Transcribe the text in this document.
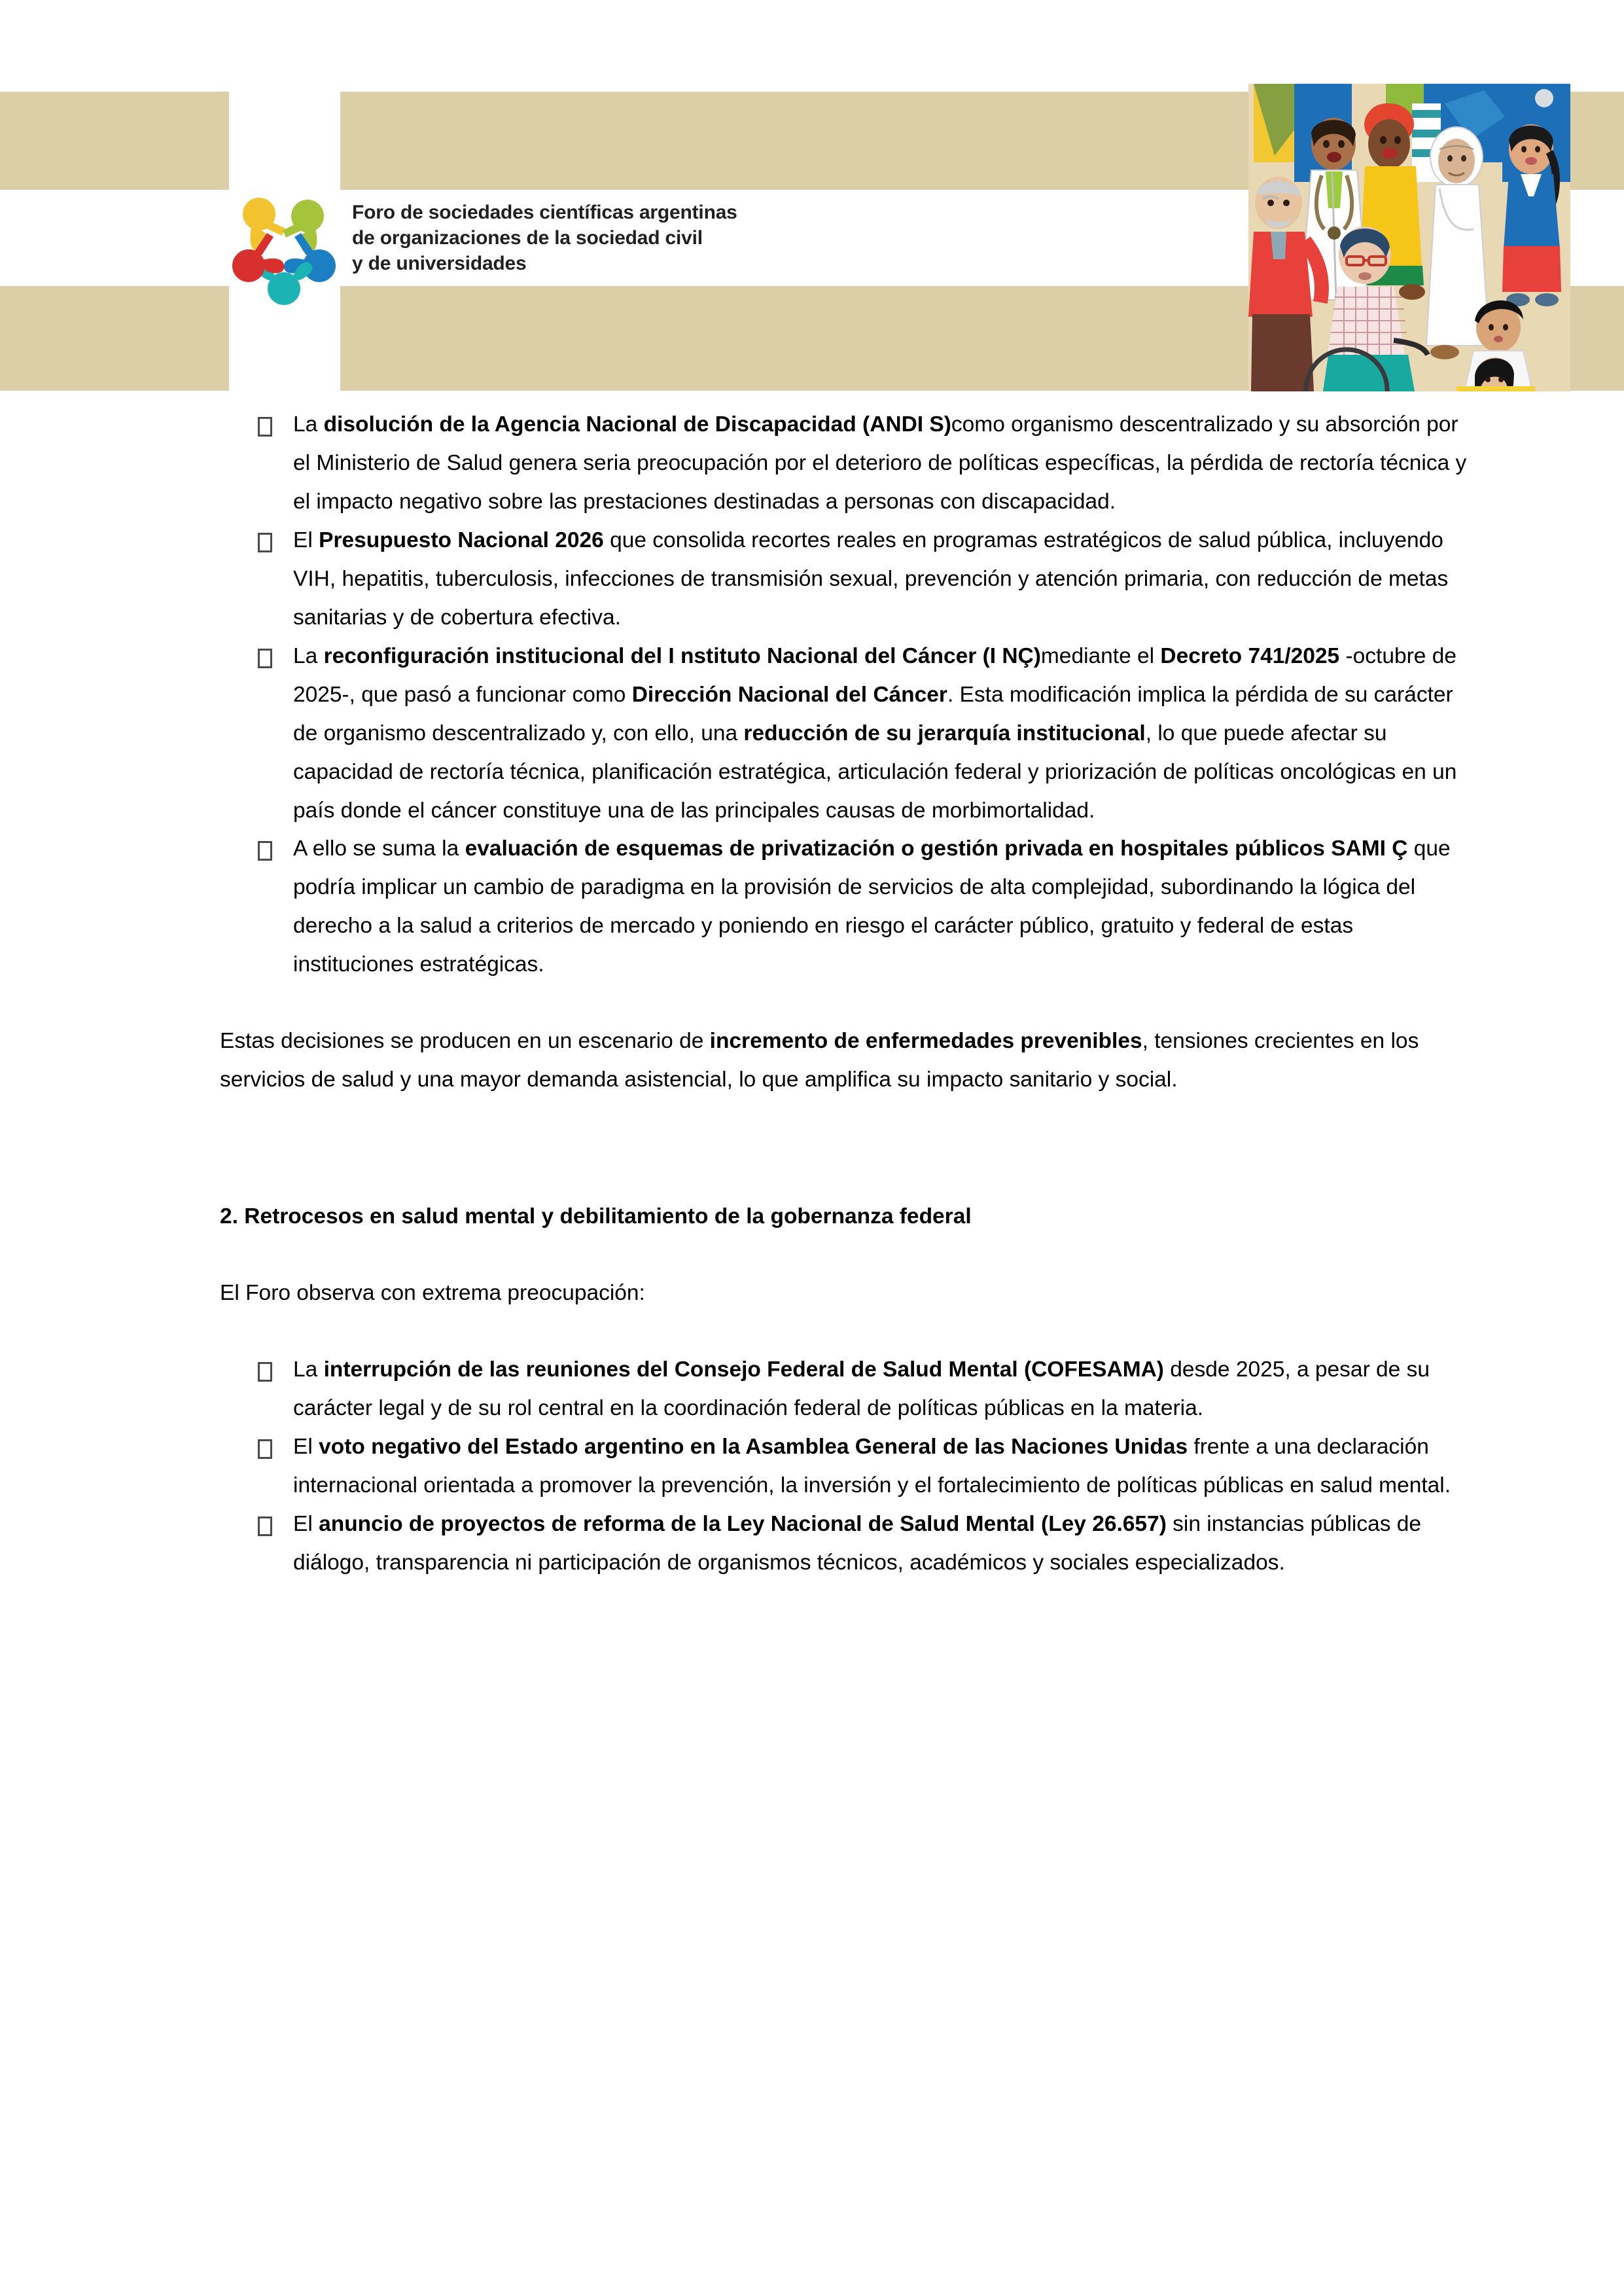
Foro de sociedades científicas argentinas
de organizaciones de la sociedad civil
y de universidades
La disolución de la Agencia Nacional de Discapacidad (ANDI S)como organismo descentralizado y su absorción por el Ministerio de Salud genera seria preocupación por el deterioro de políticas específicas, la pérdida de rectoría técnica y el impacto negativo sobre las prestaciones destinadas a personas con discapacidad.
El Presupuesto Nacional 2026 que consolida recortes reales en programas estratégicos de salud pública, incluyendo VIH, hepatitis, tuberculosis, infecciones de transmisión sexual, prevención y atención primaria, con reducción de metas sanitarias y de cobertura efectiva.
La reconfiguración institucional del I nstituto Nacional del Cáncer (I NÇ)mediante el Decreto 741/2025 -octubre de 2025-, que pasó a funcionar como Dirección Nacional del Cáncer. Esta modificación implica la pérdida de su carácter de organismo descentralizado y, con ello, una reducción de su jerarquía institucional, lo que puede afectar su capacidad de rectoría técnica, planificación estratégica, articulación federal y priorización de políticas oncológicas en un país donde el cáncer constituye una de las principales causas de morbimortalidad.
A ello se suma la evaluación de esquemas de privatización o gestión privada en hospitales públicos SAMI Ç que podría implicar un cambio de paradigma en la provisión de servicios de alta complejidad, subordinando la lógica del derecho a la salud a criterios de mercado y poniendo en riesgo el carácter público, gratuito y federal de estas instituciones estratégicas.

Estas decisiones se producen en un escenario de incremento de enfermedades prevenibles, tensiones crecientes en los servicios de salud y una mayor demanda asistencial, lo que amplifica su impacto sanitario y social.

2. Retrocesos en salud mental y debilitamiento de la gobernanza federal

El Foro observa con extrema preocupación:

La interrupción de las reuniones del Consejo Federal de Salud Mental (COFESAMA) desde 2025, a pesar de su carácter legal y de su rol central en la coordinación federal de políticas públicas en la materia.
El voto negativo del Estado argentino en la Asamblea General de las Naciones Unidas frente a una declaración internacional orientada a promover la prevención, la inversión y el fortalecimiento de políticas públicas en salud mental.
El anuncio de proyectos de reforma de la Ley Nacional de Salud Mental (Ley 26.657) sin instancias públicas de diálogo, transparencia ni participación de organismos técnicos, académicos y sociales especializados.
